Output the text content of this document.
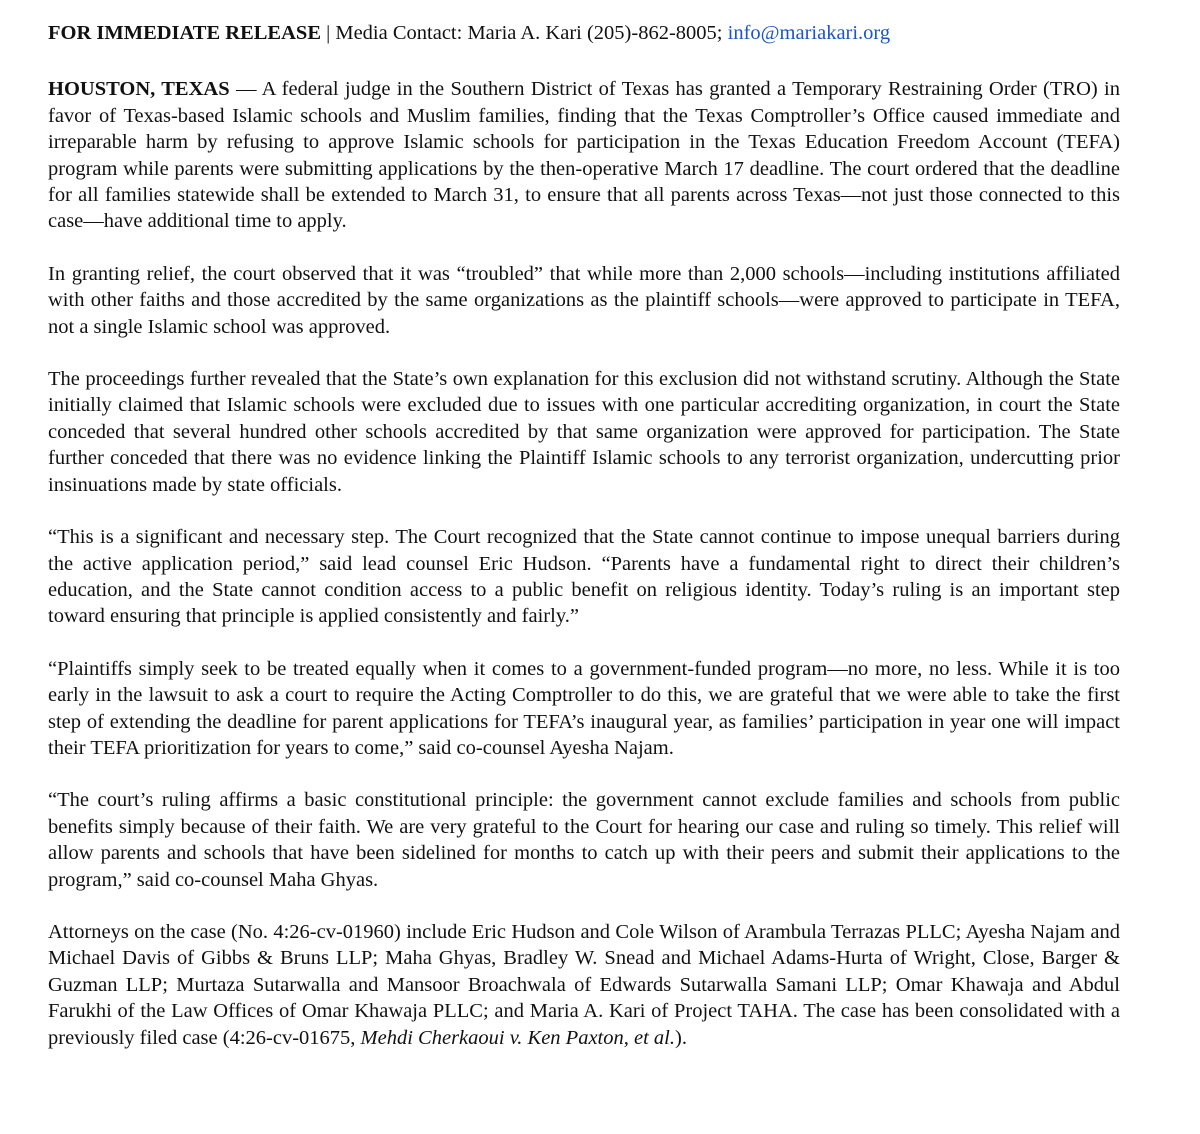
FOR IMMEDIATE RELEASE | Media Contact: Maria A. Kari (205)-862-8005; info@mariakari.org

HOUSTON, TEXAS — A federal judge in the Southern District of Texas has granted a Temporary Restraining Order (TRO) in favor of Texas-based Islamic schools and Muslim families, finding that the Texas Comptroller’s Office caused immediate and irreparable harm by refusing to approve Islamic schools for participation in the Texas Education Freedom Account (TEFA) program while parents were submitting applications by the then-operative March 17 deadline. The court ordered that the deadline for all families statewide shall be extended to March 31, to ensure that all parents across Texas—not just those connected to this case—have additional time to apply.

In granting relief, the court observed that it was “troubled” that while more than 2,000 schools—including institutions affiliated with other faiths and those accredited by the same organizations as the plaintiff schools—were approved to participate in TEFA, not a single Islamic school was approved.

The proceedings further revealed that the State’s own explanation for this exclusion did not withstand scrutiny. Although the State initially claimed that Islamic schools were excluded due to issues with one particular accrediting organization, in court the State conceded that several hundred other schools accredited by that same organization were approved for participation. The State further conceded that there was no evidence linking the Plaintiff Islamic schools to any terrorist organization, undercutting prior insinuations made by state officials.

“This is a significant and necessary step. The Court recognized that the State cannot continue to impose unequal barriers during the active application period,” said lead counsel Eric Hudson. “Parents have a fundamental right to direct their children’s education, and the State cannot condition access to a public benefit on religious identity. Today’s ruling is an important step toward ensuring that principle is applied consistently and fairly.”

“Plaintiffs simply seek to be treated equally when it comes to a government-funded program—no more, no less. While it is too early in the lawsuit to ask a court to require the Acting Comptroller to do this, we are grateful that we were able to take the first step of extending the deadline for parent applications for TEFA’s inaugural year, as families’ participation in year one will impact their TEFA prioritization for years to come,” said co-counsel Ayesha Najam.

“The court’s ruling affirms a basic constitutional principle: the government cannot exclude families and schools from public benefits simply because of their faith. We are very grateful to the Court for hearing our case and ruling so timely. This relief will allow parents and schools that have been sidelined for months to catch up with their peers and submit their applications to the program,” said co-counsel Maha Ghyas.

Attorneys on the case (No. 4:26-cv-01960) include Eric Hudson and Cole Wilson of Arambula Terrazas PLLC; Ayesha Najam and Michael Davis of Gibbs & Bruns LLP; Maha Ghyas, Bradley W. Snead and Michael Adams-Hurta of Wright, Close, Barger & Guzman LLP; Murtaza Sutarwalla and Mansoor Broachwala of Edwards Sutarwalla Samani LLP; Omar Khawaja and Abdul Farukhi of the Law Offices of Omar Khawaja PLLC; and Maria A. Kari of Project TAHA. The case has been consolidated with a previously filed case (4:26-cv-01675, Mehdi Cherkaoui v. Ken Paxton, et al.).
